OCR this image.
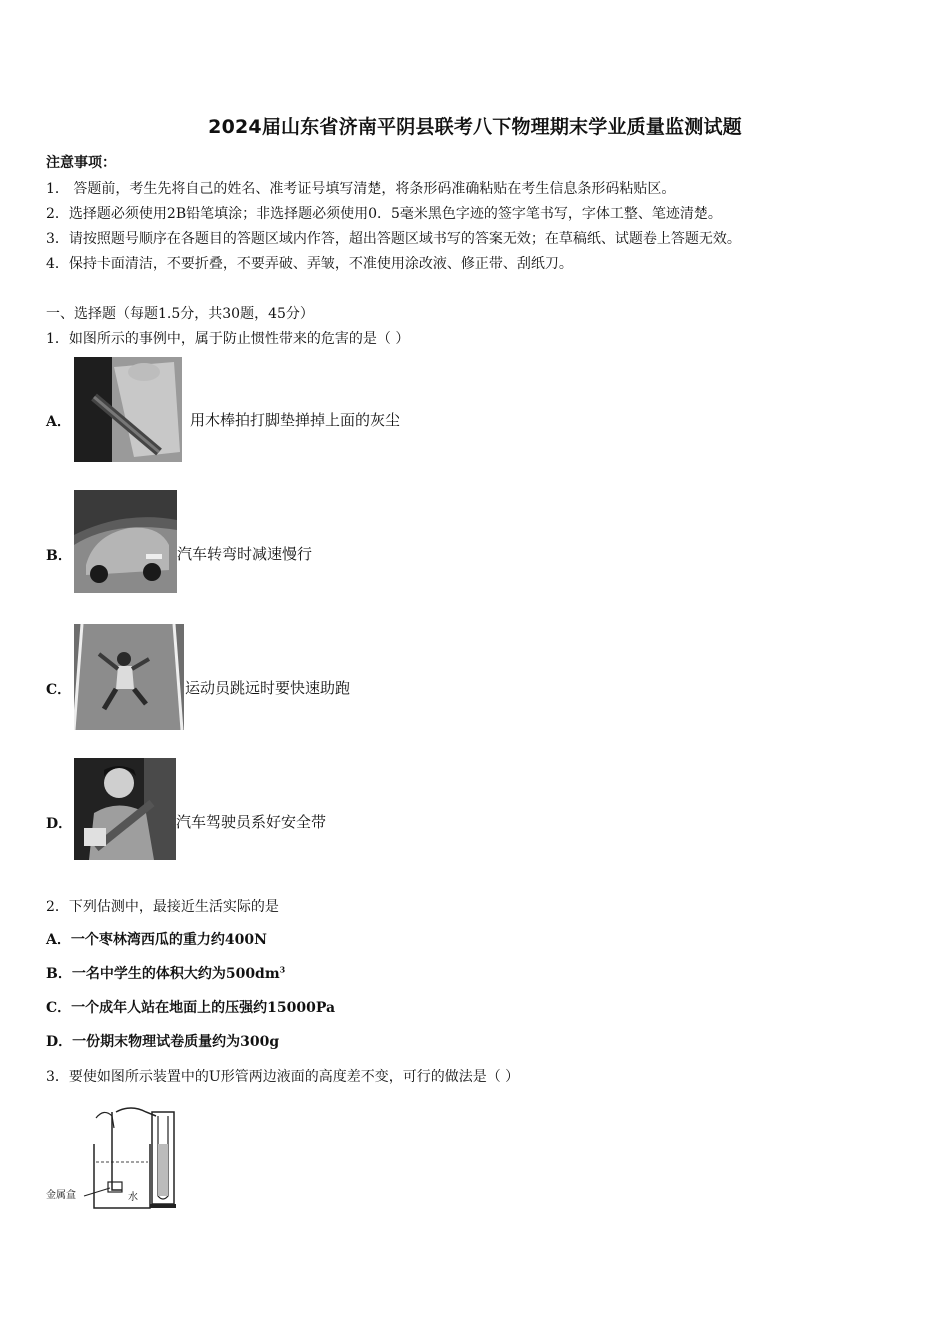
2024届山东省济南平阴县联考八下物理期末学业质量监测试题
注意事项：
1． 答题前，考生先将自己的姓名、准考证号填写清楚，将条形码准确粘贴在考生信息条形码粘贴区。
2．选择题必须使用2B铅笔填涂；非选择题必须使用0．5毫米黑色字迹的签字笔书写，字体工整、笔迹清楚。
3．请按照题号顺序在各题目的答题区域内作答，超出答题区域书写的答案无效；在草稿纸、试题卷上答题无效。
4．保持卡面清洁，不要折叠，不要弄破、弄皱，不准使用涂改液、修正带、刮纸刀。
一、选择题（每题1.5分，共30题，45分）
1．如图所示的事例中，属于防止惯性带来的危害的是（ ）
A．	用木棒拍打脚垫掸掉上面的灰尘
B．	汽车转弯时减速慢行
C．	运动员跳远时要快速助跑
D．	汽车驾驶员系好安全带
2．下列估测中，最接近生活实际的是
A．一个枣林湾西瓜的重力约400N
B．一名中学生的体积大约为$500dm^3$
C．一个成年人站在地面上的压强约15000Pa
D．一份期末物理试卷质量约为300g
3．要使如图所示装置中的U形管两边液面的高度差不变，可行的做法是（ ）
水
金属盒
